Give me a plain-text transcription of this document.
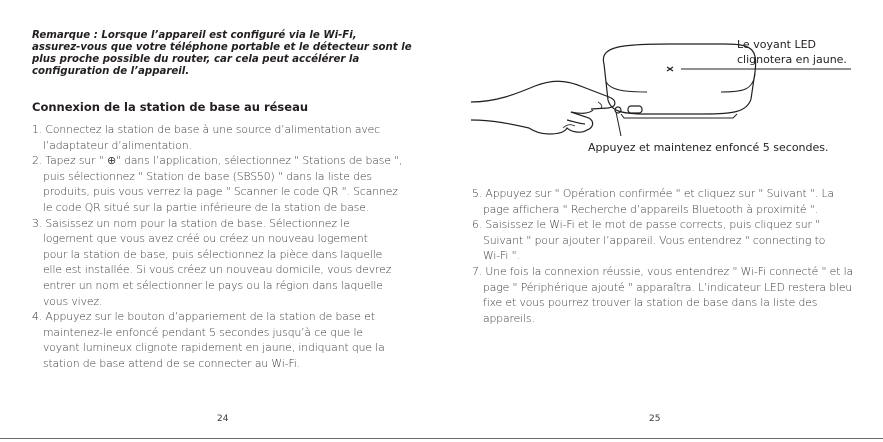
Remarque : Lorsque l’appareil est configuré via le Wi-Fi,
assurez-vous que votre téléphone portable et le détecteur sont le
plus proche possible du router, car cela peut accélérer la
configuration de l’appareil.
Connexion de la station de base au réseau
1. Connectez la station de base à une source d’alimentation avec
l’adaptateur d’alimentation.
2. Tapez sur " ⊕" dans l’application, sélectionnez " Stations de base ",
puis sélectionnez " Station de base (SBS50) " dans la liste des
produits, puis vous verrez la page " Scanner le code QR ". Scannez
le code QR situé sur la partie inférieure de la station de base.
3. Saisissez un nom pour la station de base. Sélectionnez le
logement que vous avez créé ou créez un nouveau logement
pour la station de base, puis sélectionnez la pièce dans laquelle
elle est installée. Si vous créez un nouveau domicile, vous devrez
entrer un nom et sélectionner le pays ou la région dans laquelle
vous vivez.
4. Appuyez sur le bouton d’appariement de la station de base et
maintenez-le enfoncé pendant 5 secondes jusqu’à ce que le
voyant lumineux clignote rapidement en jaune, indiquant que la
station de base attend de se connecter au Wi-Fi.
24
Le voyant LED
clignotera en jaune.
Appuyez et maintenez enfoncé 5 secondes.
5. Appuyez sur " Opération confirmée " et cliquez sur " Suivant ". La
page affichera " Recherche d’appareils Bluetooth à proximité ".
6. Saisissez le Wi-Fi et le mot de passe corrects, puis cliquez sur "
Suivant " pour ajouter l’appareil. Vous entendrez " connecting to
Wi-Fi ".
7. Une fois la connexion réussie, vous entendrez " Wi-Fi connecté " et la
page " Périphérique ajouté " apparaîtra. L’indicateur LED restera bleu
fixe et vous pourrez trouver la station de base dans la liste des
appareils.
25
